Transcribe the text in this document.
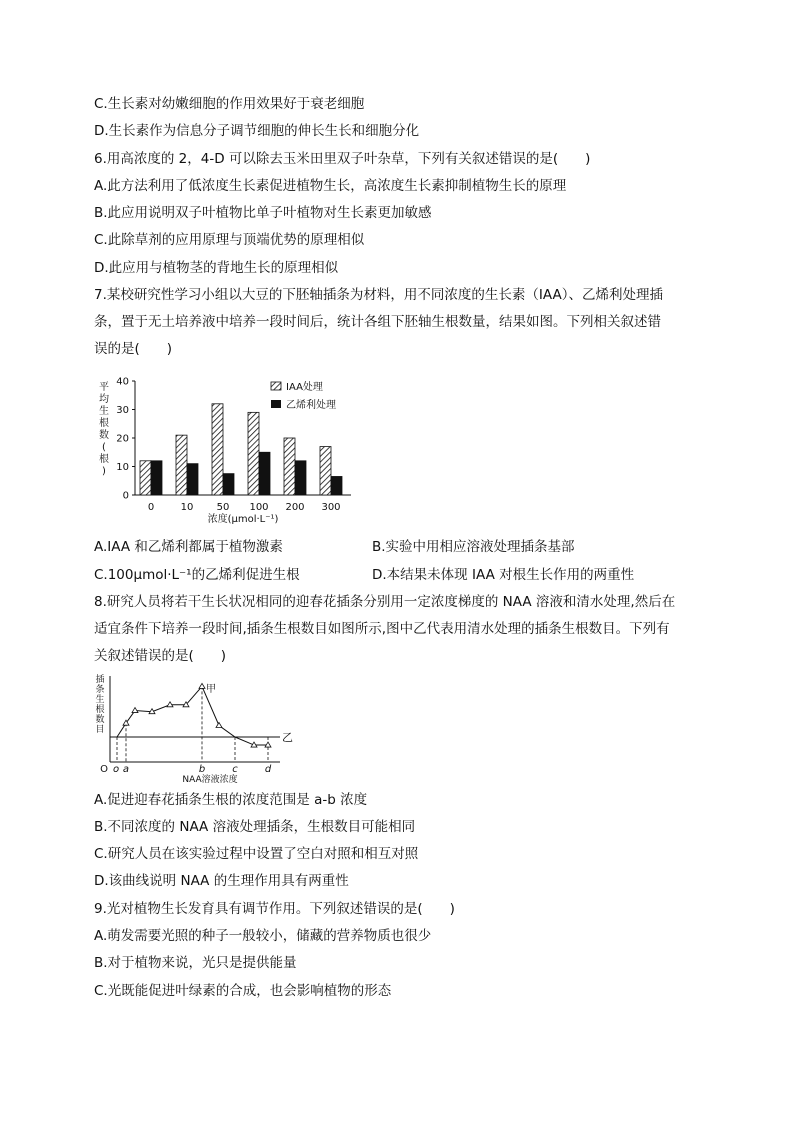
C.生长素对幼嫩细胞的作用效果好于衰老细胞
D.生长素作为信息分子调节细胞的伸长生长和细胞分化
6.用高浓度的 2，4-D 可以除去玉米田里双子叶杂草，下列有关叙述错误的是(　　)
A.此方法利用了低浓度生长素促进植物生长，高浓度生长素抑制植物生长的原理
B.此应用说明双子叶植物比单子叶植物对生长素更加敏感
C.此除草剂的应用原理与顶端优势的原理相似
D.此应用与植物茎的背地生长的原理相似
7.某校研究性学习小组以大豆的下胚轴插条为材料，用不同浓度的生长素（IAA）、乙烯利处理插
条，置于无土培养液中培养一段时间后，统计各组下胚轴生根数量，结果如图。下列相关叙述错
误的是(　　)
0
10
20
30
40
0	10 50 100 200 300
平均生根数(根)
浓度(μmol·L⁻¹)
IAA处理
乙烯利处理
A.IAA 和乙烯利都属于植物激素	B.实验中用相应溶液处理插条基部
C.100μmol·L⁻¹的乙烯利促进生根	D.本结果未体现 IAA 对根生长作用的两重性
8.研究人员将若干生长状况相同的迎春花插条分别用一定浓度梯度的 NAA 溶液和清水处理,然后在
适宜条件下培养一段时间,插条生根数目如图所示,图中乙代表用清水处理的插条生根数目。下列有
关叙述错误的是(　　)
乙
甲
O o a	b	c	d
插条生根数目
NAA溶液浓度
A.促进迎春花插条生根的浓度范围是 a-b 浓度
B.不同浓度的 NAA 溶液处理插条，生根数目可能相同
C.研究人员在该实验过程中设置了空白对照和相互对照
D.该曲线说明 NAA 的生理作用具有两重性
9.光对植物生长发育具有调节作用。下列叙述错误的是(　　)
A.萌发需要光照的种子一般较小，储藏的营养物质也很少
B.对于植物来说，光只是提供能量
C.光既能促进叶绿素的合成，也会影响植物的形态
